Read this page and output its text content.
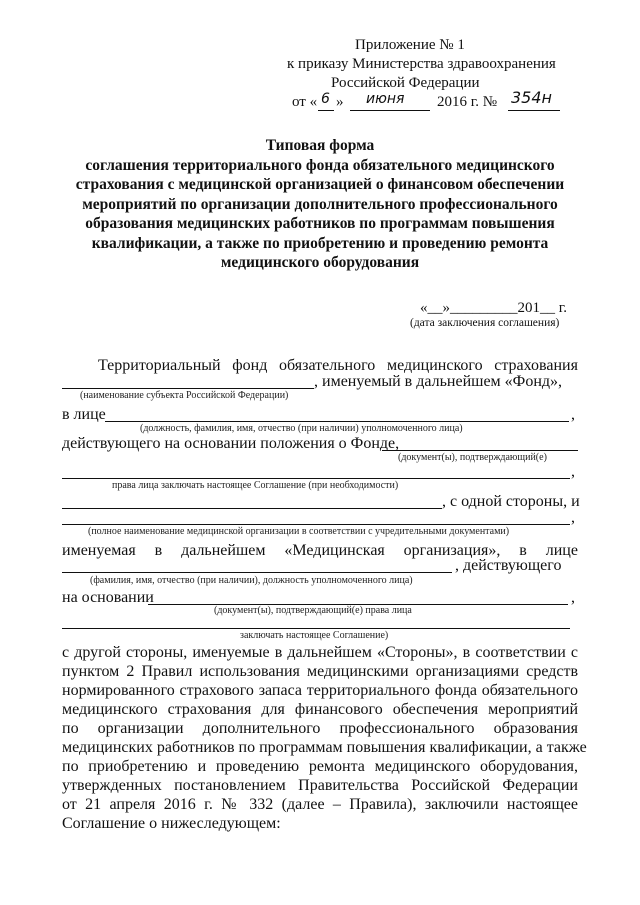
Приложение № 1
к приказу Министерства здравоохранения
Российской Федерации
от « 6 » июня 2016 г. № 354н
Типовая форма
соглашения территориального фонда обязательного медицинского
страхования с медицинской организацией о финансовом обеспечении
мероприятий по организации дополнительного профессионального
образования медицинских работников по программам повышения
квалификации, а также по приобретению и проведению ремонта
медицинского оборудования
«__»_________201__ г.
(дата заключения соглашения)
Территориальный фонд обязательного медицинского страхования
, именуемый в дальнейшем «Фонд»,
(наименование субъекта Российской Федерации)
в лице	,
(должность, фамилия, имя, отчество (при наличии) уполномоченного лица)
действующего на основании положения о Фонде,
(документ(ы), подтверждающий(е)
,
права лица заключать настоящее Соглашение (при необходимости)
, с одной стороны, и
,
(полное наименование медицинской организации в соответствии с учредительными документами)
именуемая в дальнейшем «Медицинская организация», в лице
, действующего
(фамилия, имя, отчество (при наличии), должность уполномоченного лица)
на основании	,
(документ(ы), подтверждающий(е) права лица
заключать настоящее Соглашение)
с другой стороны, именуемые в дальнейшем «Стороны», в соответствии с
пунктом 2 Правил использования медицинскими организациями средств
нормированного страхового запаса территориального фонда обязательного
медицинского страхования для финансового обеспечения мероприятий
по организации дополнительного профессионального образования
медицинских работников по программам повышения квалификации, а также
по приобретению и проведению ремонта медицинского оборудования,
утвержденных постановлением Правительства Российской Федерации
от 21 апреля 2016 г. № 332 (далее – Правила), заключили настоящее
Соглашение о нижеследующем:
